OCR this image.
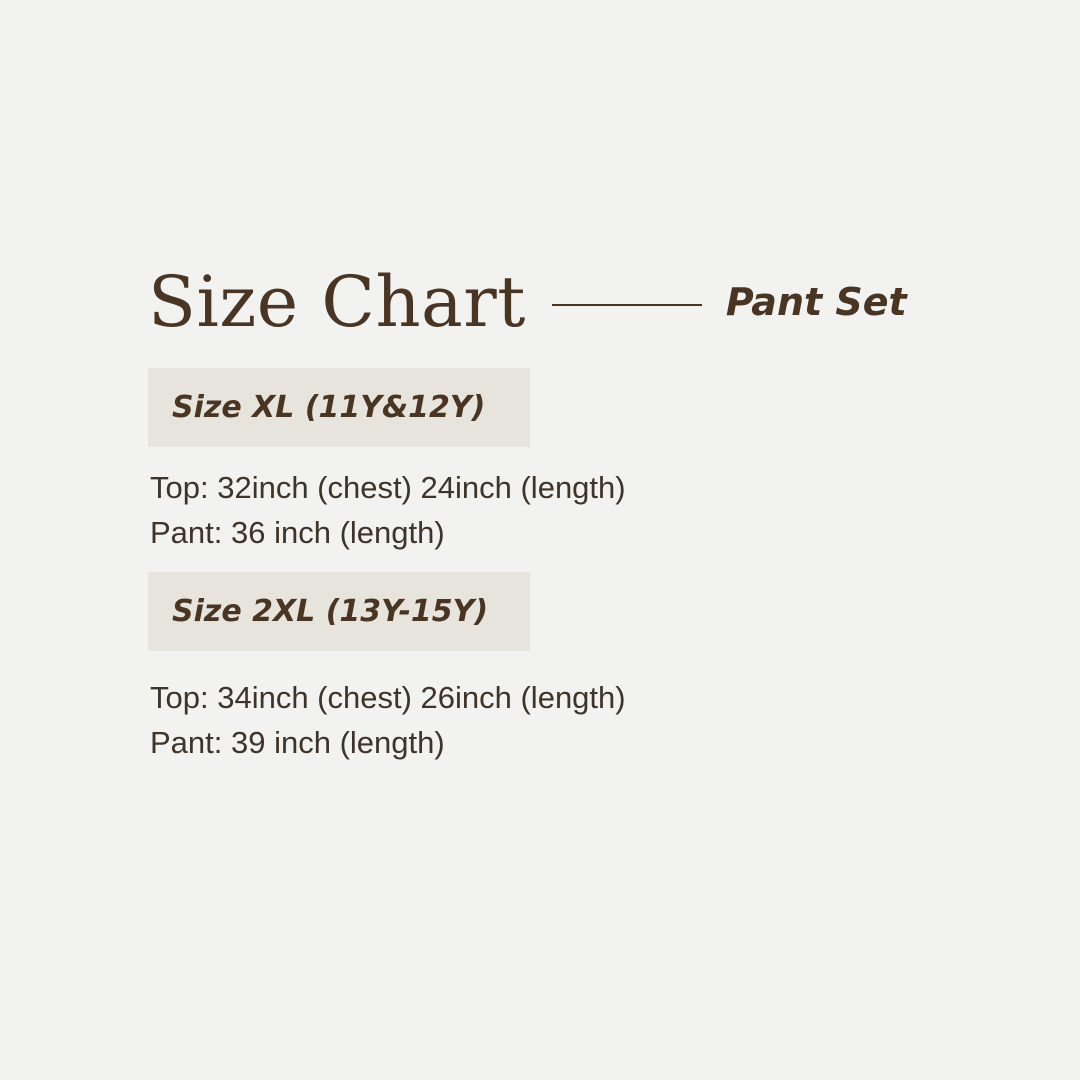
Size Chart	Pant Set
Size XL (11Y&12Y)
Top: 32inch (chest) 24inch (length)
Pant: 36 inch (length)
Size 2XL (13Y-15Y)
Top: 34inch (chest) 26inch (length)
Pant: 39 inch (length)
